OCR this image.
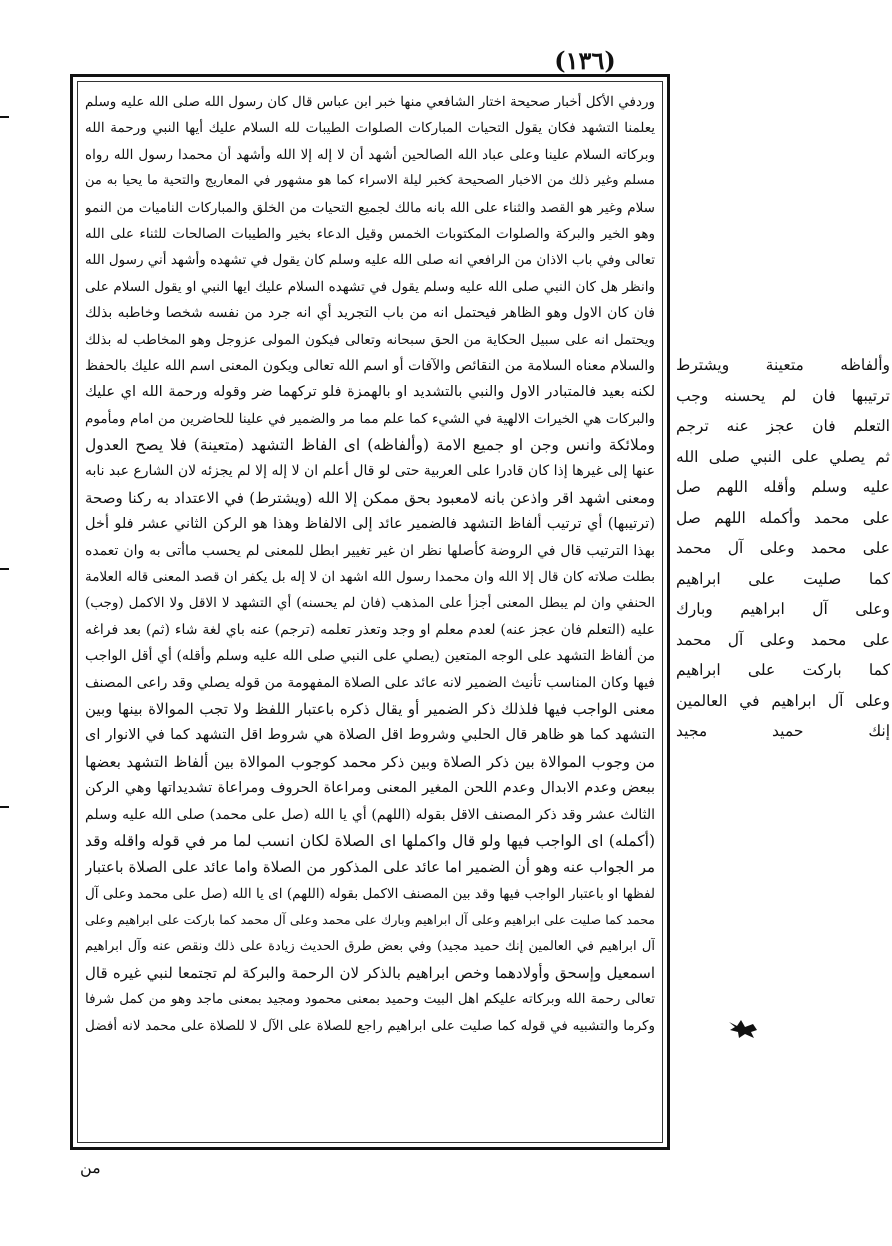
(١٣٦)

وردفي الأكل أخبار صحيحة اختار الشافعي منها خبر ابن عباس قال كان رسول الله صلى الله عليه وسلم

يعلمنا التشهد فكان يقول التحيات المباركات الصلوات الطيبات لله السلام عليك أيها النبي ورحمة الله

وبركاته السلام علينا وعلى عباد الله الصالحين أشهد أن لا إله إلا الله وأشهد أن محمدا رسول الله رواه

مسلم وغير ذلك من الاخبار الصحيحة كخبر ليلة الاسراء كما هو مشهور في المعاريج والتحية ما يحيا به من

سلام وغير هو القصد والثناء على الله بانه مالك لجميع التحيات من الخلق والمباركات الناميات من النمو

وهو الخير والبركة والصلوات المكتوبات الخمس وقيل الدعاء بخير والطيبات الصالحات للثناء على الله

تعالى وفي باب الاذان من الرافعي انه صلى الله عليه وسلم كان يقول في تشهده وأشهد أني رسول الله

وانظر هل كان النبي صلى الله عليه وسلم يقول في تشهده السلام عليك ايها النبي او يقول السلام على

فان كان الاول وهو الظاهر فيحتمل انه من باب التجريد أي انه جرد من نفسه شخصا وخاطبه بذلك

ويحتمل انه على سبيل الحكاية من الحق سبحانه وتعالى فيكون المولى عزوجل وهو المخاطب له بذلك

والسلام معناه السلامة من النقائص والآفات أو اسم الله تعالى ويكون المعنى اسم الله عليك بالحفظ

لكنه بعيد فالمتبادر الاول والنبي بالتشديد او بالهمزة فلو تركهما ضر وقوله ورحمة الله اي عليك

والبركات هي الخيرات الالهية في الشيء كما علم مما مر والضمير في علينا للحاضرين من امام ومأموم

وملائكة وانس وجن او جميع الامة (وألفاظه) اى الفاظ التشهد (متعينة) فلا يصح العدول

عنها إلى غيرها إذا كان قادرا على العربية حتى لو قال أعلم ان لا إله إلا لم يجزئه لان الشارع عبد نابه

ومعنى اشهد اقر واذعن بانه لامعبود بحق ممكن إلا الله (ويشترط) في الاعتداد به ركنا وصحة

(ترتيبها) أي ترتيب ألفاظ التشهد فالضمير عائد إلى الالفاظ وهذا هو الركن الثاني عشر فلو أخل

بهذا الترتيب قال في الروضة كأصلها نظر ان غير تغيير ابطل للمعنى لم يحسب ماأتى به وان تعمده

بطلت صلاته كان قال إلا الله وان محمدا رسول الله اشهد ان لا إله بل يكفر ان قصد المعنى قاله العلامة

الحنفي وان لم يبطل المعنى أجزأ على المذهب (فان لم يحسنه) أي التشهد لا الاقل ولا الاكمل (وجب)

عليه (التعلم فان عجز عنه) لعدم معلم او وجد وتعذر تعلمه (ترجم) عنه باي لغة شاء (ثم) بعد فراغه

من ألفاظ التشهد على الوجه المتعين (يصلي على النبي صلى الله عليه وسلم وأقله) أي أقل الواجب

فيها وكان المناسب تأنيث الضمير لانه عائد على الصلاة المفهومة من قوله يصلي وقد راعى المصنف

معنى الواجب فيها فلذلك ذكر الضمير أو يقال ذكره باعتبار اللفظ ولا تجب الموالاة بينها وبين

التشهد كما هو ظاهر قال الحلبي وشروط اقل الصلاة هي شروط اقل التشهد كما في الانوار اى

من وجوب الموالاة بين ذكر الصلاة وبين ذكر محمد كوجوب الموالاة بين ألفاظ التشهد بعضها

ببعض وعدم الابدال وعدم اللحن المغير المعنى ومراعاة الحروف ومراعاة تشديداتها وهي الركن

الثالث عشر وقد ذكر المصنف الاقل بقوله (اللهم) أي يا الله (صل على محمد) صلى الله عليه وسلم

(أكمله) اى الواجب فيها ولو قال واكملها اى الصلاة لكان انسب لما مر في قوله واقله وقد

مر الجواب عنه وهو أن الضمير اما عائد على المذكور من الصلاة واما عائد على الصلاة باعتبار

لفظها او باعتبار الواجب فيها وقد بين المصنف الاكمل بقوله (اللهم) اى يا الله (صل على محمد وعلى آل

محمد كما صليت على ابراهيم وعلى آل ابراهيم وبارك على محمد وعلى آل محمد كما باركت على ابراهيم وعلى

آل ابراهيم في العالمين إنك حميد مجيد) وفي بعض طرق الحديث زيادة على ذلك ونقص عنه وآل ابراهيم

اسمعيل وإسحق وأولادهما وخص ابراهيم بالذكر لان الرحمة والبركة لم تجتمعا لنبي غيره قال

تعالى رحمة الله وبركاته عليكم اهل البيت وحميد بمعنى محمود ومجيد بمعنى ماجد وهو من كمل شرفا

وكرما والتشبيه في قوله كما صليت على ابراهيم راجع للصلاة على الآل لا للصلاة على محمد لانه أفضل

وألفاظه متعينة ويشترط

ترتيبها فان لم يحسنه وجب

التعلم فان عجز عنه ترجم

ثم يصلي على النبي صلى الله

عليه وسلم وأقله اللهم صل

على محمد وأكمله اللهم صل

على محمد وعلى آل محمد

كما صليت على ابراهيم

وعلى آل ابراهيم وبارك

على محمد وعلى آل محمد

كما باركت على ابراهيم

وعلى آل ابراهيم في العالمين

إنك حميد مجيد

من
